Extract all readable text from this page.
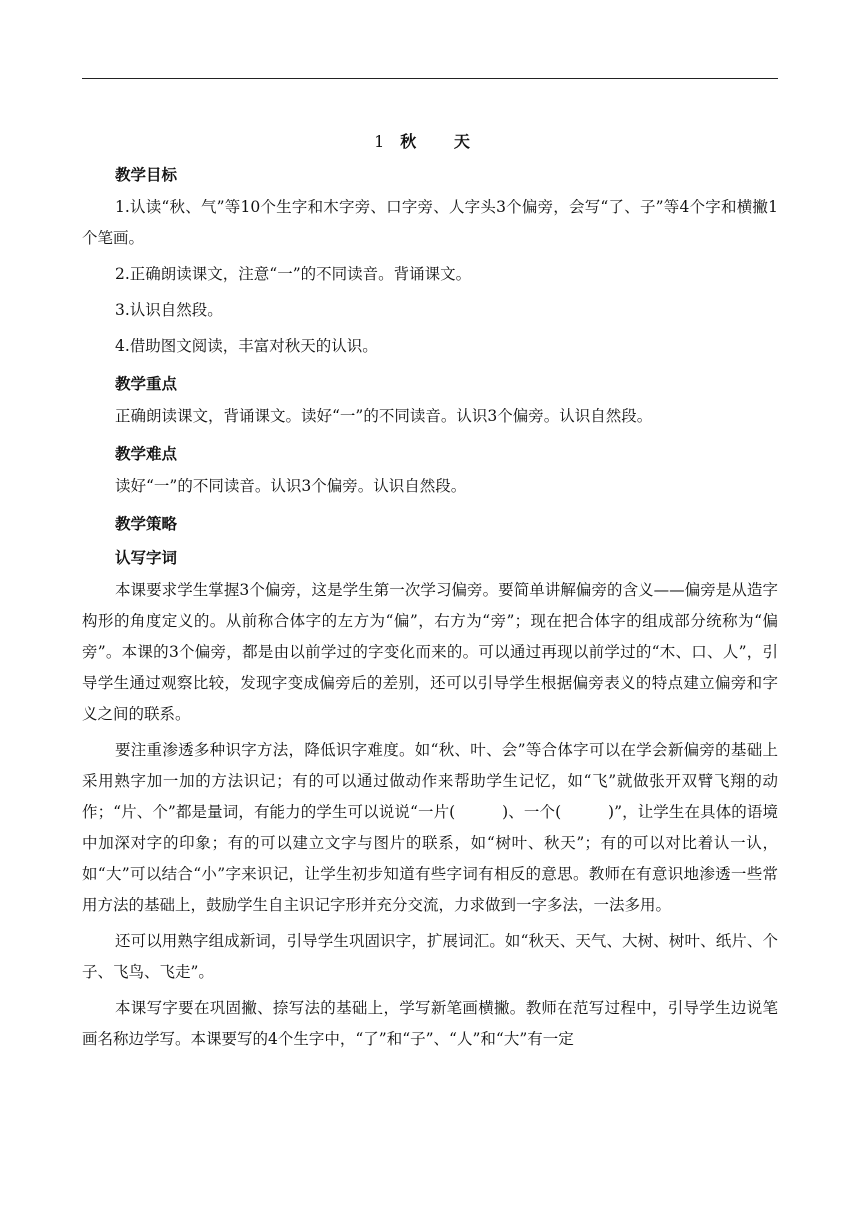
1 秋 天

教学目标

1.认读“秋、气”等10个生字和木字旁、口字旁、人字头3个偏旁，会写“了、子”等4个字和横撇1个笔画。

2.正确朗读课文，注意“一”的不同读音。背诵课文。

3.认识自然段。

4.借助图文阅读，丰富对秋天的认识。

教学重点

正确朗读课文，背诵课文。读好“一”的不同读音。认识3个偏旁。认识自然段。

教学难点

读好“一”的不同读音。认识3个偏旁。认识自然段。

教学策略

认写字词

本课要求学生掌握3个偏旁，这是学生第一次学习偏旁。要简单讲解偏旁的含义——偏旁是从造字构形的角度定义的。从前称合体字的左方为“偏”，右方为“旁”；现在把合体字的组成部分统称为“偏旁”。本课的3个偏旁，都是由以前学过的字变化而来的。可以通过再现以前学过的“木、口、人”，引导学生通过观察比较，发现字变成偏旁后的差别，还可以引导学生根据偏旁表义的特点建立偏旁和字义之间的联系。

要注重渗透多种识字方法，降低识字难度。如“秋、叶、会”等合体字可以在学会新偏旁的基础上采用熟字加一加的方法识记；有的可以通过做动作来帮助学生记忆，如“飞”就做张开双臂飞翔的动作；“片、个”都是量词，有能力的学生可以说说“一片(　　　)、一个(　　　)”，让学生在具体的语境中加深对字的印象；有的可以建立文字与图片的联系，如“树叶、秋天”；有的可以对比着认一认，如“大”可以结合“小”字来识记，让学生初步知道有些字词有相反的意思。教师在有意识地渗透一些常用方法的基础上，鼓励学生自主识记字形并充分交流，力求做到一字多法，一法多用。

还可以用熟字组成新词，引导学生巩固识字，扩展词汇。如“秋天、天气、大树、树叶、纸片、个子、飞鸟、飞走”。

本课写字要在巩固撇、捺写法的基础上，学写新笔画横撇。教师在范写过程中，引导学生边说笔画名称边学写。本课要写的4个生字中，“了”和“子”、“人”和“大”有一定
